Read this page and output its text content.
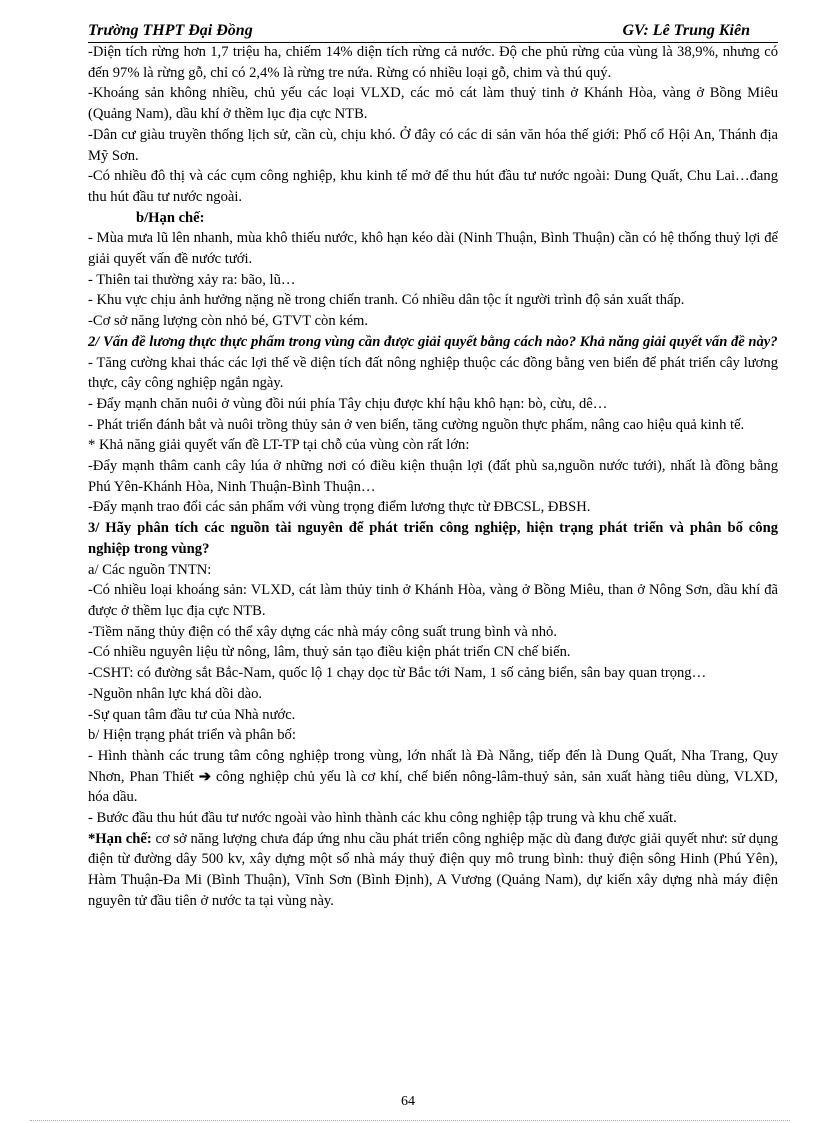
Trường THPT Đại Đồng	GV: Lê Trung Kiên

-Diện tích rừng hơn 1,7 triệu ha, chiếm 14% diện tích rừng cả nước. Độ che phủ rừng của vùng là 38,9%, nhưng có đến 97% là rừng gỗ, chỉ có 2,4% là rừng tre nứa. Rừng có nhiều loại gỗ, chim và thú quý.

-Khoáng sản không nhiều, chủ yếu các loại VLXD, các mỏ cát làm thuỷ tinh ở Khánh Hòa, vàng ở Bồng Miêu (Quảng Nam), dầu khí ở thềm lục địa cực NTB.

-Dân cư giàu truyền thống lịch sử, cần cù, chịu khó. Ở đây có các di sản văn hóa thế giới: Phố cổ Hội An, Thánh địa Mỹ Sơn.

-Có nhiều đô thị và các cụm công nghiệp, khu kinh tế mở để thu hút đầu tư nước ngoài: Dung Quất, Chu Lai…đang thu hút đầu tư nước ngoài.

b/Hạn chế:

- Mùa mưa lũ lên nhanh, mùa khô thiếu nước, khô hạn kéo dài (Ninh Thuận, Bình Thuận) cần có hệ thống thuỷ lợi để giải quyết vấn đề nước tưới.

- Thiên tai thường xảy ra: bão, lũ…

- Khu vực chịu ảnh hưởng nặng nề trong chiến tranh. Có nhiều dân tộc ít người trình độ sản xuất thấp.

-Cơ sở năng lượng còn nhỏ bé, GTVT còn kém.

2/ Vấn đề lương thực thực phẩm trong vùng cần được giải quyết bằng cách nào? Khả năng giải quyết vấn đề này?

- Tăng cường khai thác các lợi thế về diện tích đất nông nghiệp thuộc các đồng bằng ven biển để phát triển cây lương thực, cây công nghiệp ngắn ngày.

- Đẩy mạnh chăn nuôi ở vùng đồi núi phía Tây chịu được khí hậu khô hạn: bò, cừu, dê…

- Phát triển đánh bắt và nuôi trồng thủy sản ở ven biển, tăng cường nguồn thực phẩm, nâng cao hiệu quả kinh tế.

* Khả năng giải quyết vấn đề LT-TP tại chỗ của vùng còn rất lớn:

-Đẩy mạnh thâm canh cây lúa ở những nơi có điều kiện thuận lợi (đất phù sa,nguồn nước tưới), nhất là đồng bằng Phú Yên-Khánh Hòa, Ninh Thuận-Bình Thuận…

-Đẩy mạnh trao đổi các sản phẩm với vùng trọng điểm lương thực từ ĐBCSL, ĐBSH.

3/ Hãy phân tích các nguồn tài nguyên để phát triển công nghiệp, hiện trạng phát triển và phân bố công nghiệp trong vùng?

a/ Các nguồn TNTN:

-Có nhiều loại khoáng sản: VLXD, cát làm thủy tinh ở Khánh Hòa, vàng ở Bồng Miêu, than ở Nông Sơn, dầu khí đã được ở thềm lục địa cực NTB.

-Tiềm năng thủy điện có thể xây dựng các nhà máy công suất trung bình và nhỏ.

-Có nhiều nguyên liệu từ nông, lâm, thuỷ sản tạo điều kiện phát triển CN chế biến.

-CSHT: có đường sắt Bắc-Nam, quốc lộ 1 chạy dọc từ Bắc tới Nam, 1 số cảng biển, sân bay quan trọng…

-Nguồn nhân lực khá dồi dào.

-Sự quan tâm đầu tư của Nhà nước.

b/ Hiện trạng phát triển và phân bố:

- Hình thành các trung tâm công nghiệp trong vùng, lớn nhất là Đà Nẵng, tiếp đến là Dung Quất, Nha Trang, Quy Nhơn, Phan Thiết ➔ công nghiệp chủ yếu là cơ khí, chế biến nông-lâm-thuỷ sản, sản xuất hàng tiêu dùng, VLXD, hóa dầu.

- Bước đầu thu hút đầu tư nước ngoài vào hình thành các khu công nghiệp tập trung và khu chế xuất.

*Hạn chế: cơ sở năng lượng chưa đáp ứng nhu cầu phát triển công nghiệp mặc dù đang được giải quyết như: sử dụng điện từ đường dây 500 kv, xây dựng một số nhà máy thuỷ điện quy mô trung bình: thuỷ điện sông Hinh (Phú Yên), Hàm Thuận-Đa Mi (Bình Thuận), Vĩnh Sơn (Bình Định), A Vương (Quảng Nam), dự kiến xây dựng nhà máy điện nguyên tử đầu tiên ở nước ta tại vùng này.

64
